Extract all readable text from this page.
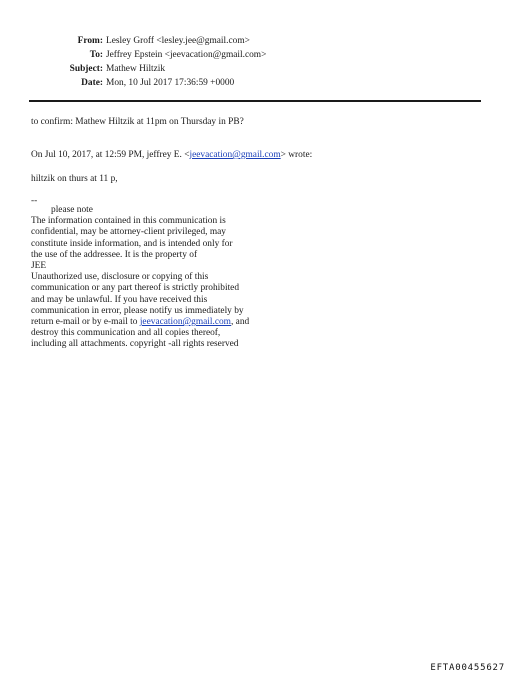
From: Lesley Groff <lesley.jee@gmail.com>
To: Jeffrey Epstein <jeevacation@gmail.com>
Subject: Mathew Hiltzik
Date: Mon, 10 Jul 2017 17:36:59 +0000
to confirm: Mathew Hiltzik at 11pm on Thursday in PB?
On Jul 10, 2017, at 12:59 PM, jeffrey E. <jeevacation@gmail.com> wrote:
hiltzik on thurs at 11 p,
--
please note
The information contained in this communication is
confidential, may be attorney-client privileged, may
constitute inside information, and is intended only for
the use of the addressee. It is the property of
JEE
Unauthorized use, disclosure or copying of this
communication or any part thereof is strictly prohibited
and may be unlawful. If you have received this
communication in error, please notify us immediately by
return e-mail or by e-mail to jeevacation@gmail.com, and
destroy this communication and all copies thereof,
including all attachments. copyright -all rights reserved
EFTA00455627
